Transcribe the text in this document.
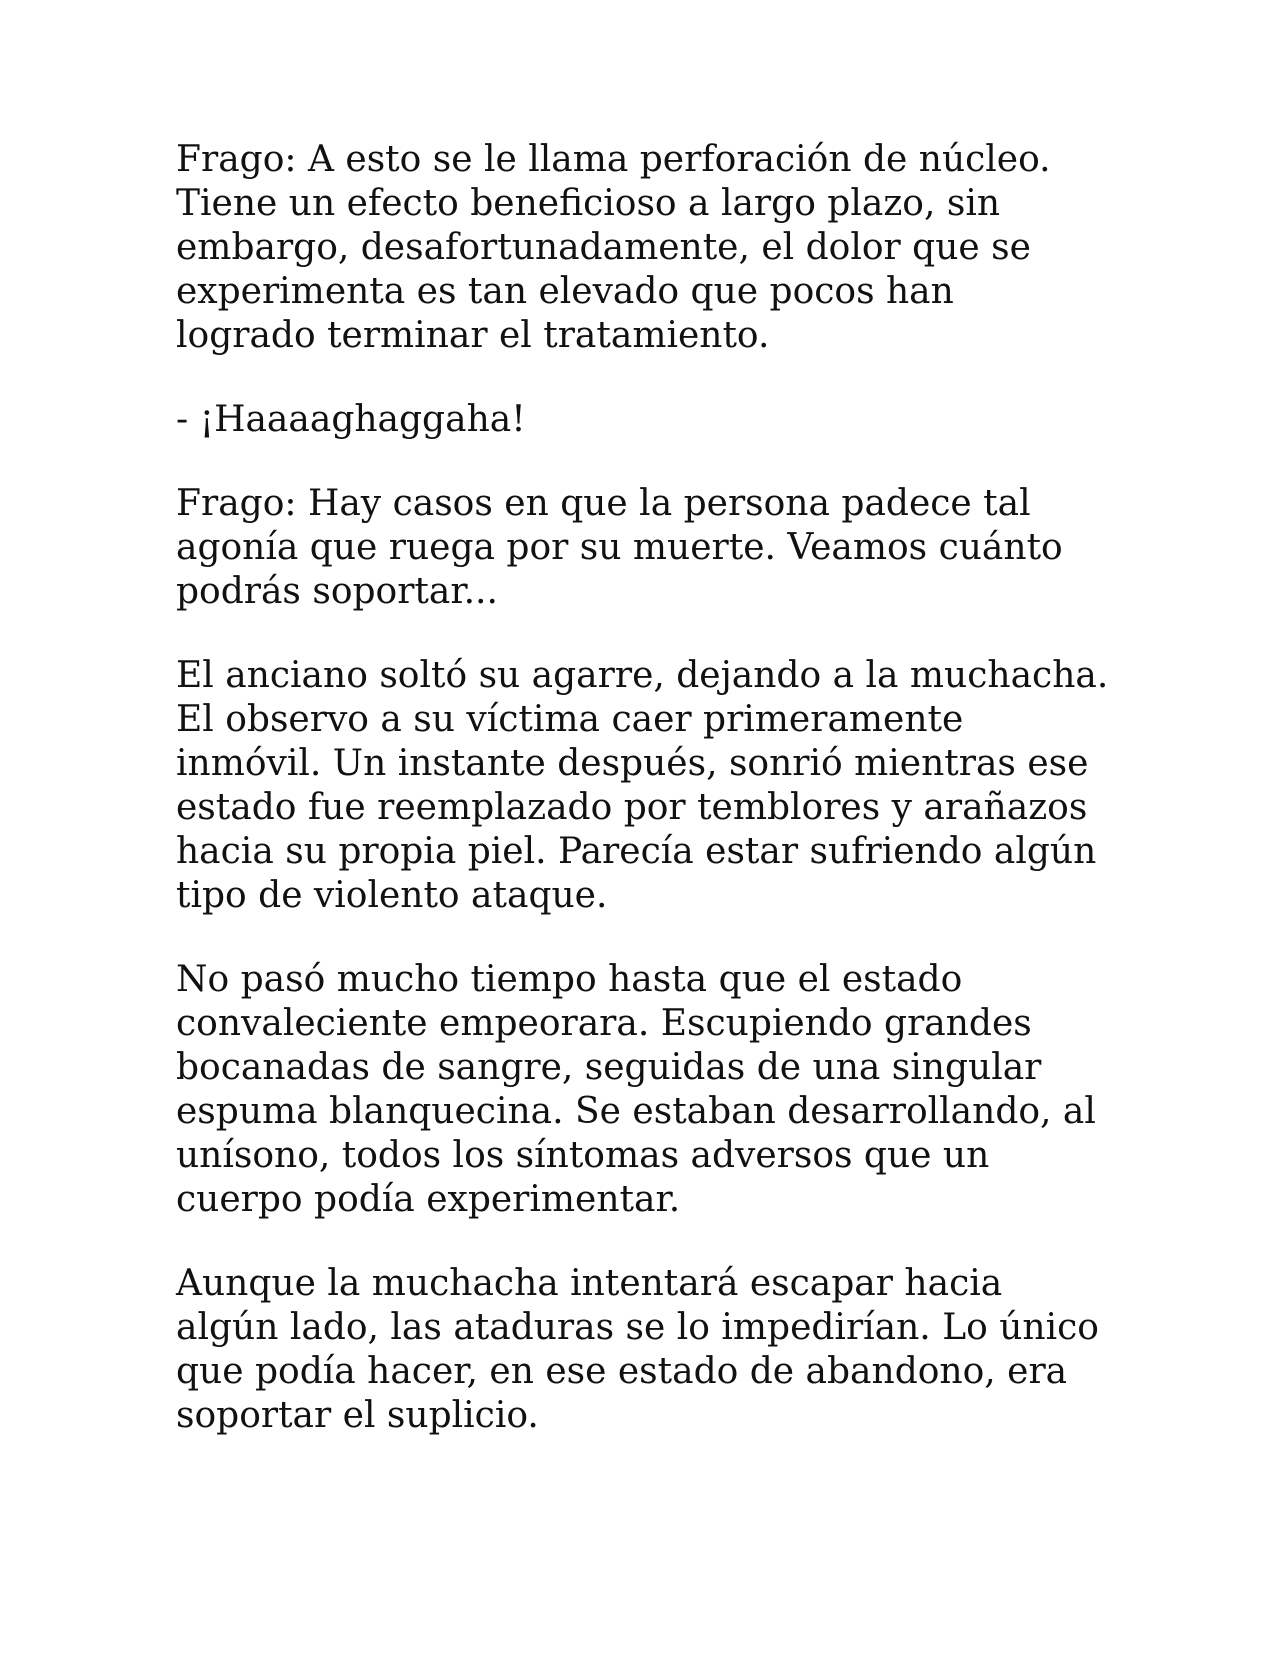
Frago: A esto se le llama perforación de núcleo.
Tiene un efecto beneficioso a largo plazo, sin
embargo, desafortunadamente, el dolor que se
experimenta es tan elevado que pocos han
logrado terminar el tratamiento.

- ¡Haaaaghaggaha!

Frago: Hay casos en que la persona padece tal
agonía que ruega por su muerte. Veamos cuánto
podrás soportar...

El anciano soltó su agarre, dejando a la muchacha.
El observo a su víctima caer primeramente
inmóvil. Un instante después, sonrió mientras ese
estado fue reemplazado por temblores y arañazos
hacia su propia piel. Parecía estar sufriendo algún
tipo de violento ataque.

No pasó mucho tiempo hasta que el estado
convaleciente empeorara. Escupiendo grandes
bocanadas de sangre, seguidas de una singular
espuma blanquecina. Se estaban desarrollando, al
unísono, todos los síntomas adversos que un
cuerpo podía experimentar.

Aunque la muchacha intentará escapar hacia
algún lado, las ataduras se lo impedirían. Lo único
que podía hacer, en ese estado de abandono, era
soportar el suplicio.
